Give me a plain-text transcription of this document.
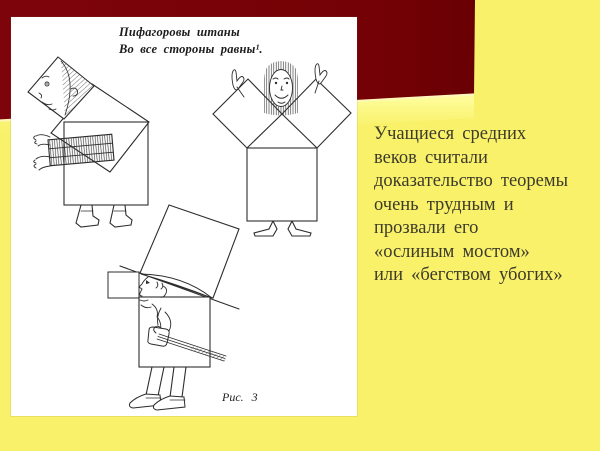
Пифагоровы штаны
Во все стороны равны¹.
Рис. 3

Учащиеся средних
веков считали
доказательство теоремы
очень трудным и
прозвали его

«ослиным мостом»

или «бегством убогих»
